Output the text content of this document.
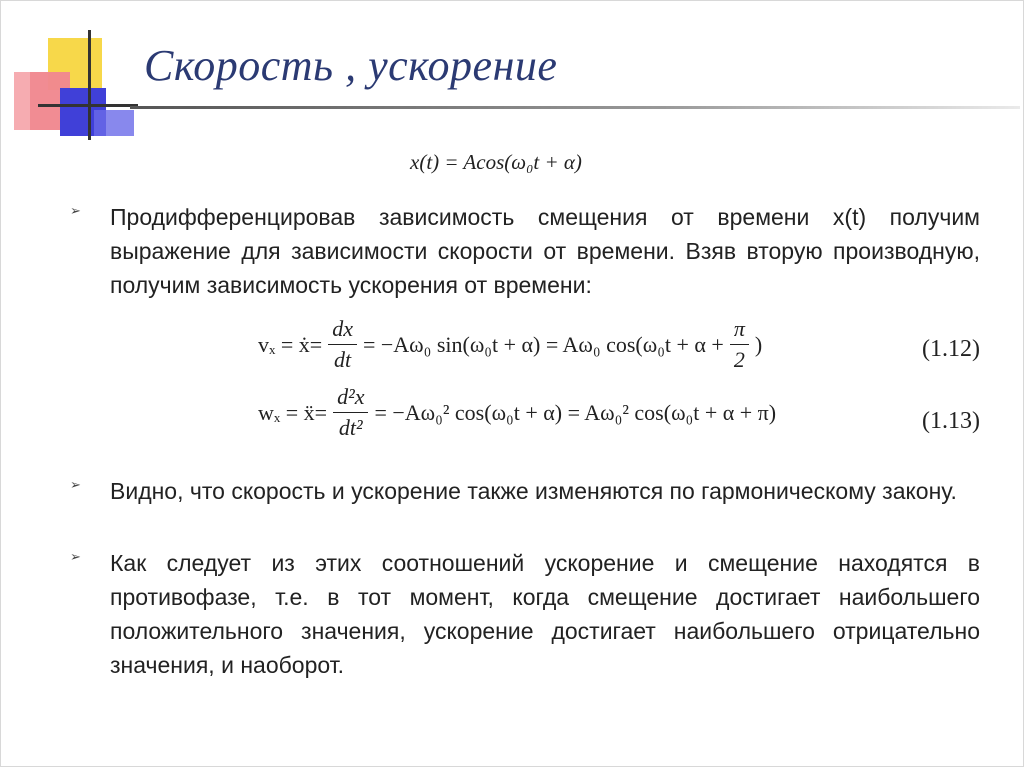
Скорость , ускорение
x(t) = Acos(ω₀t + α)
➢ Продифференцировав зависимость смещения от времени x(t) получим выражение для зависимости скорости от времени. Взяв вторую производную, получим зависимость ускорения от времени:
vₓ = ẋ= $\frac{dx}{dt} = -A\omega_0$ sin(ω₀t + α) = Aω₀ $\cos(\omega_0t + \alpha + \frac{\pi}{2}$ )	(1.12)
wₓ = ẍ= $\frac{\text{d²x}}{\text{dt²}} = -A\omega_0^2$ cos(ω₀t + α) = Aω₀² cos(ω₀t + α + π)	(1.13)
➢ Видно, что скорость и ускорение также изменяются по гармоническому закону.
➢ Как следует из этих соотношений ускорение и смещение находятся в противофазе, т.е. в тот момент, когда смещение достигает наибольшего положительного значения, ускорение достигает наибольшего отрицательно значения, и наоборот.
